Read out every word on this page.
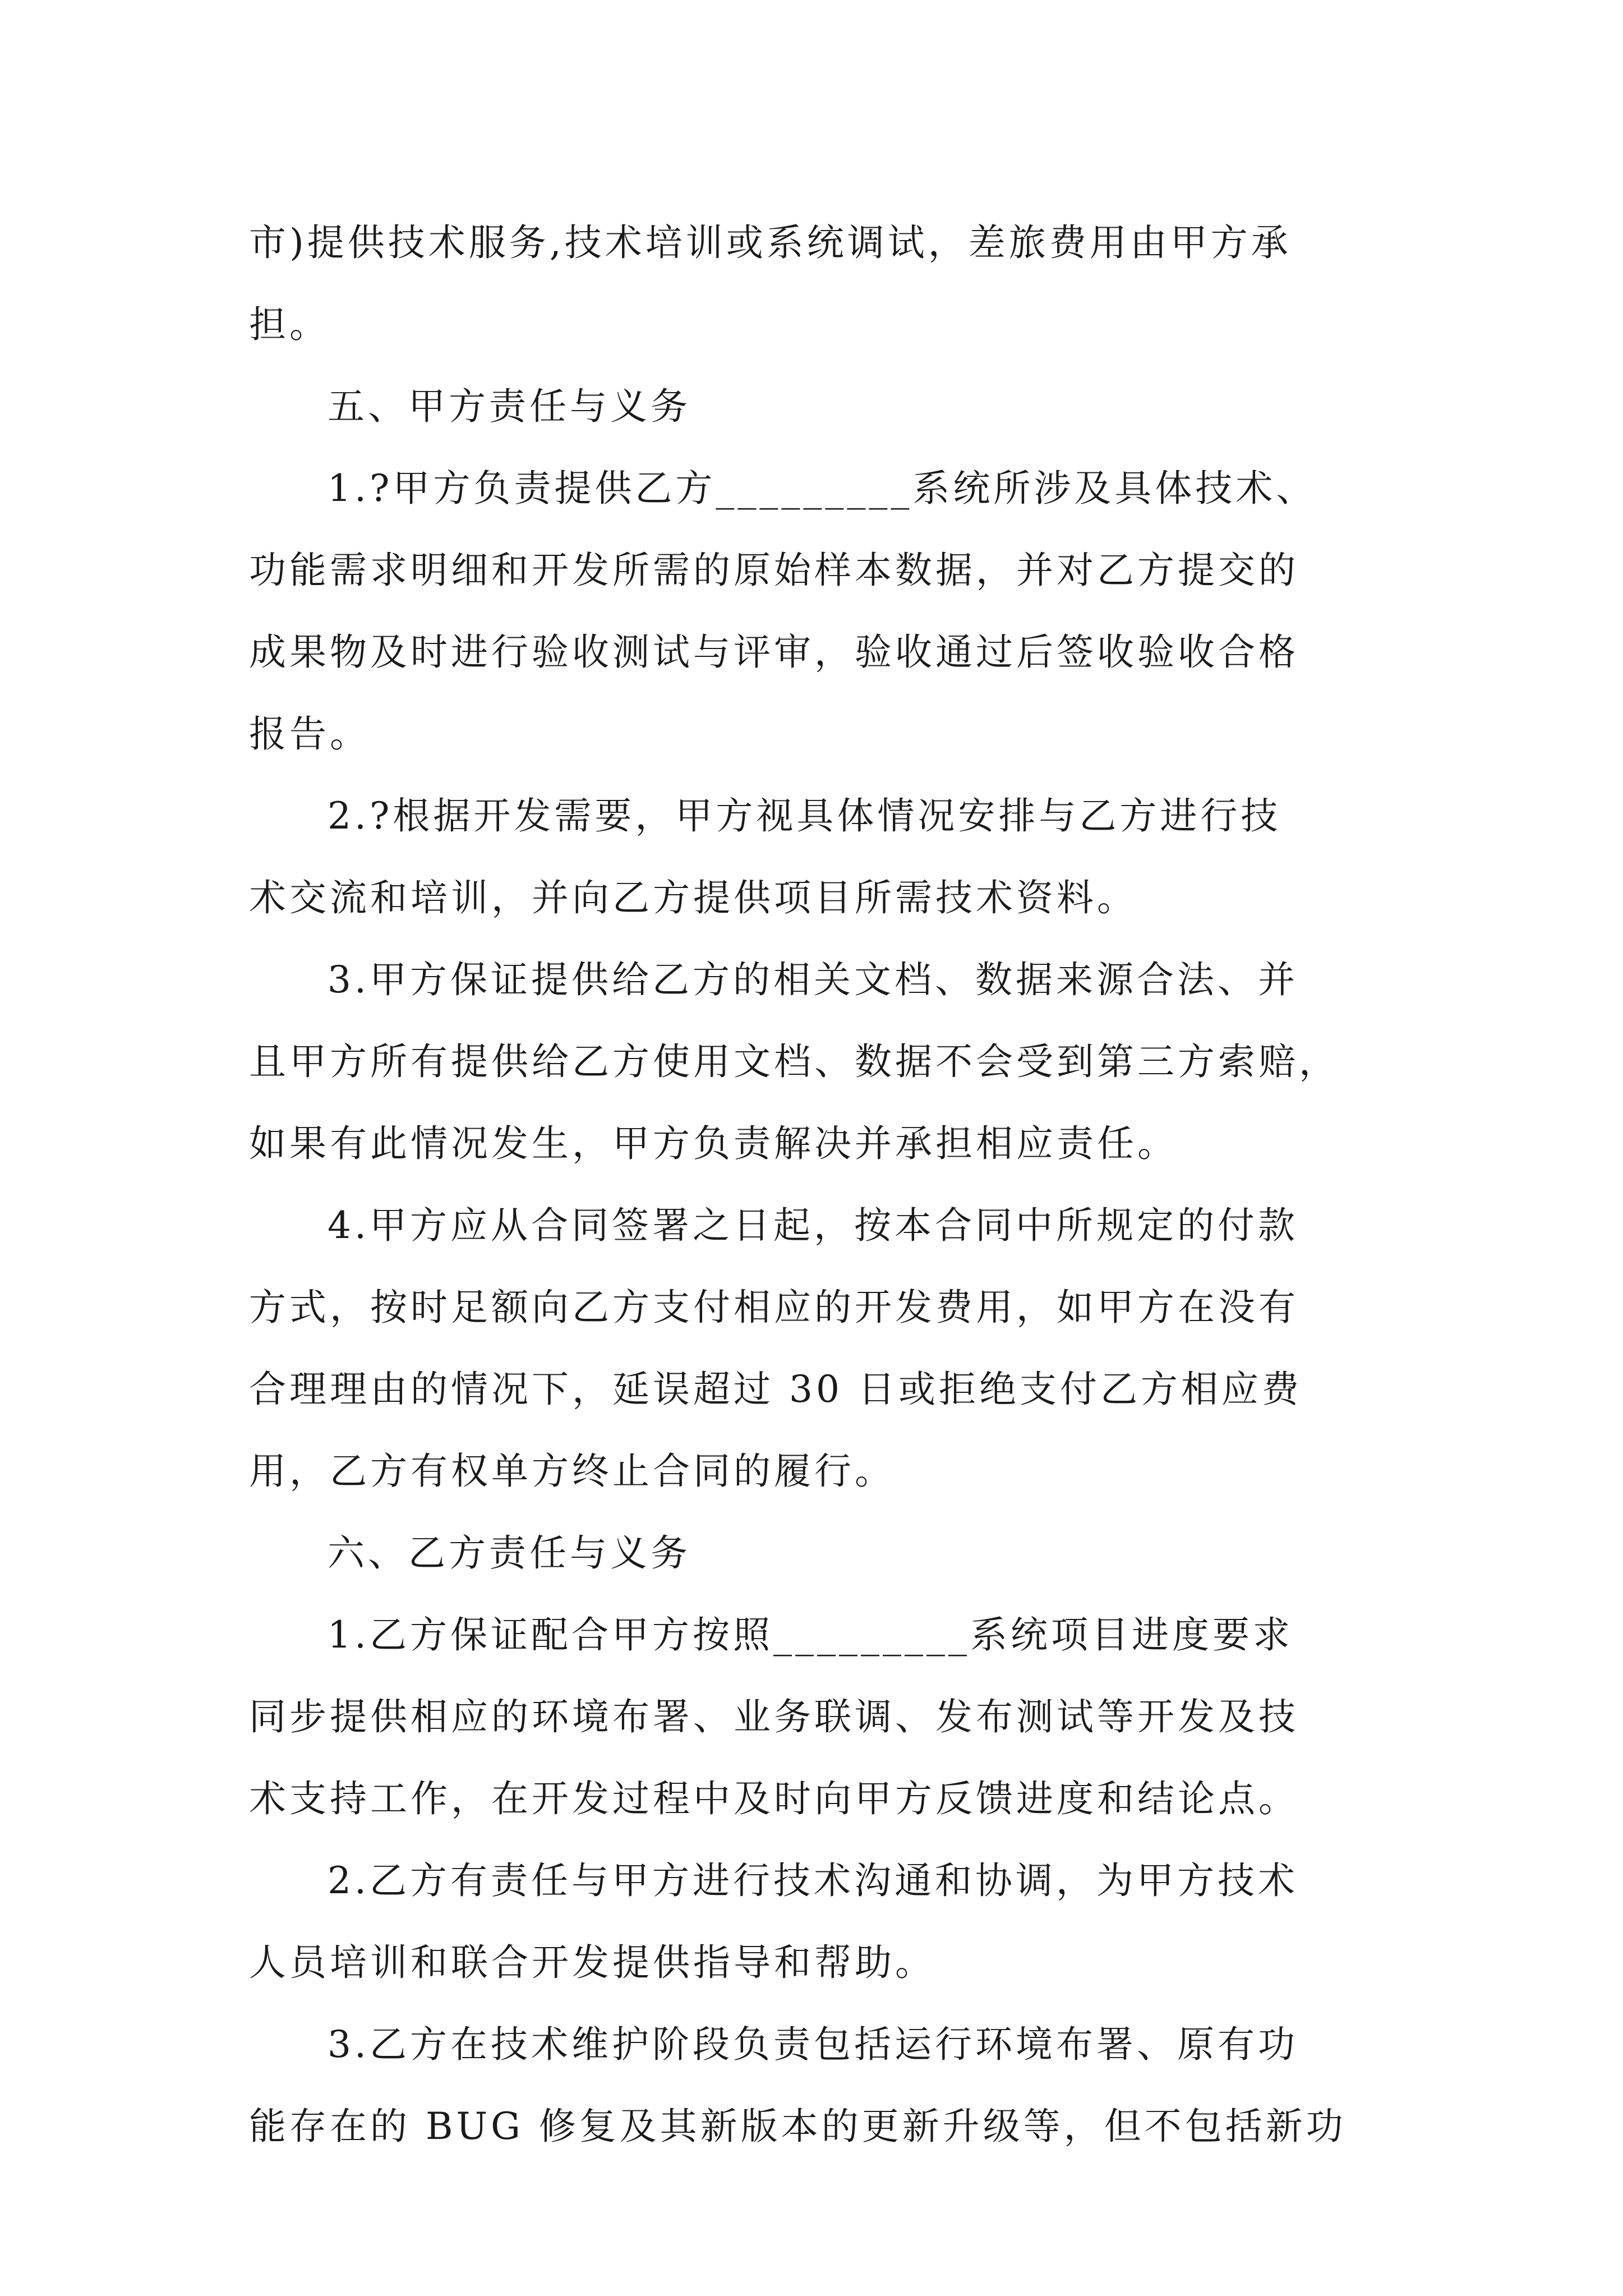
市)提供技术服务,技术培训或系统调试，差旅费用由甲方承
担。
五、甲方责任与义务
1.?甲方负责提供乙方_________系统所涉及具体技术、
功能需求明细和开发所需的原始样本数据，并对乙方提交的
成果物及时进行验收测试与评审，验收通过后签收验收合格
报告。
2.?根据开发需要，甲方视具体情况安排与乙方进行技
术交流和培训，并向乙方提供项目所需技术资料。
3.甲方保证提供给乙方的相关文档、数据来源合法、并
且甲方所有提供给乙方使用文档、数据不会受到第三方索赔，
如果有此情况发生，甲方负责解决并承担相应责任。
4.甲方应从合同签署之日起，按本合同中所规定的付款
方式，按时足额向乙方支付相应的开发费用，如甲方在没有
合理理由的情况下，延误超过 30 日或拒绝支付乙方相应费
用，乙方有权单方终止合同的履行。
六、乙方责任与义务
1.乙方保证配合甲方按照_________系统项目进度要求
同步提供相应的环境布署、业务联调、发布测试等开发及技
术支持工作，在开发过程中及时向甲方反馈进度和结论点。
2.乙方有责任与甲方进行技术沟通和协调，为甲方技术
人员培训和联合开发提供指导和帮助。
3.乙方在技术维护阶段负责包括运行环境布署、原有功
能存在的 BUG 修复及其新版本的更新升级等，但不包括新功
